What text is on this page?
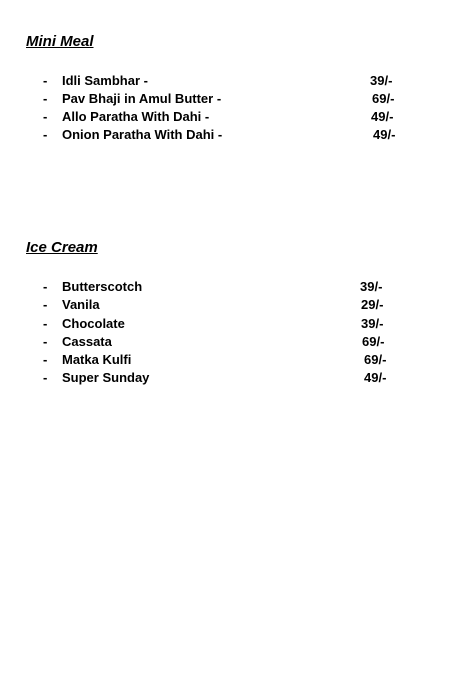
Mini Meal
- Idli Sambhar -	39/-
- Pav Bhaji in Amul Butter -	69/-
- Allo Paratha With Dahi -	49/-
- Onion Paratha With Dahi -	49/-
Ice Cream
- Butterscotch	39/-
- Vanila	29/-
- Chocolate	39/-
- Cassata	69/-
- Matka Kulfi	69/-
- Super Sunday	49/-
